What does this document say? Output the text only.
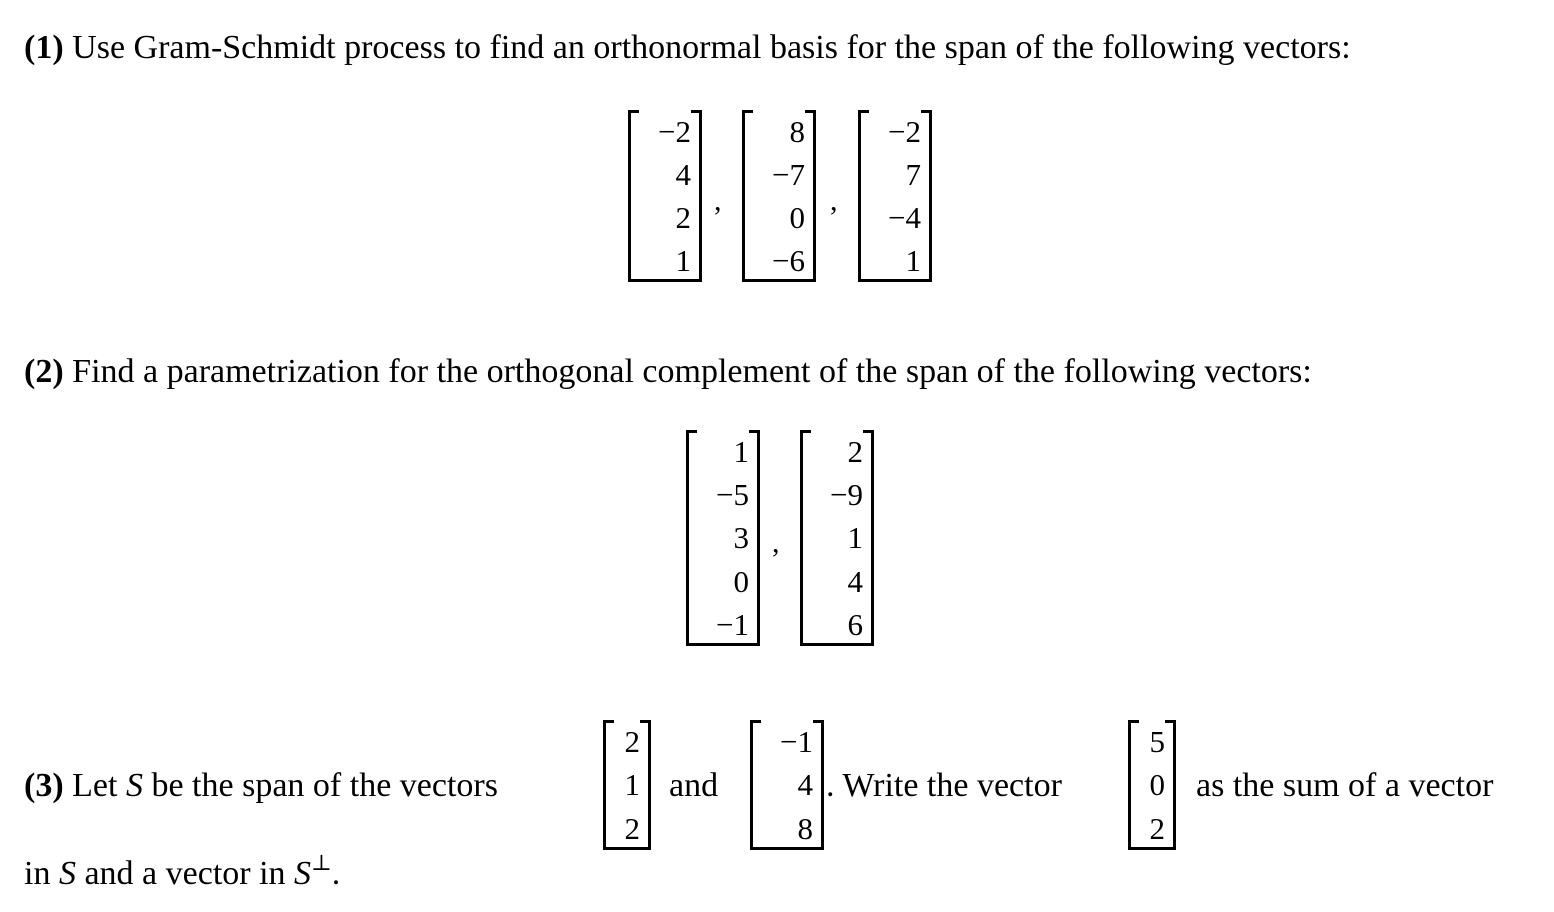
(1) Use Gram-Schmidt process to find an orthonormal basis for the span of the following vectors:
−2
4
2
1
,
8
−7
0
−6
,
−2
7
−4
1
(2) Find a parametrization for the orthogonal complement of the span of the following vectors:
1
−5
3
0
−1
,
2
−9
1
4
6
(3) Let S be the span of the vectors
2
1
2
and
−1
4
8
. Write the vector
5
0
2
as the sum of a vector
in S and a vector in S⊥.
